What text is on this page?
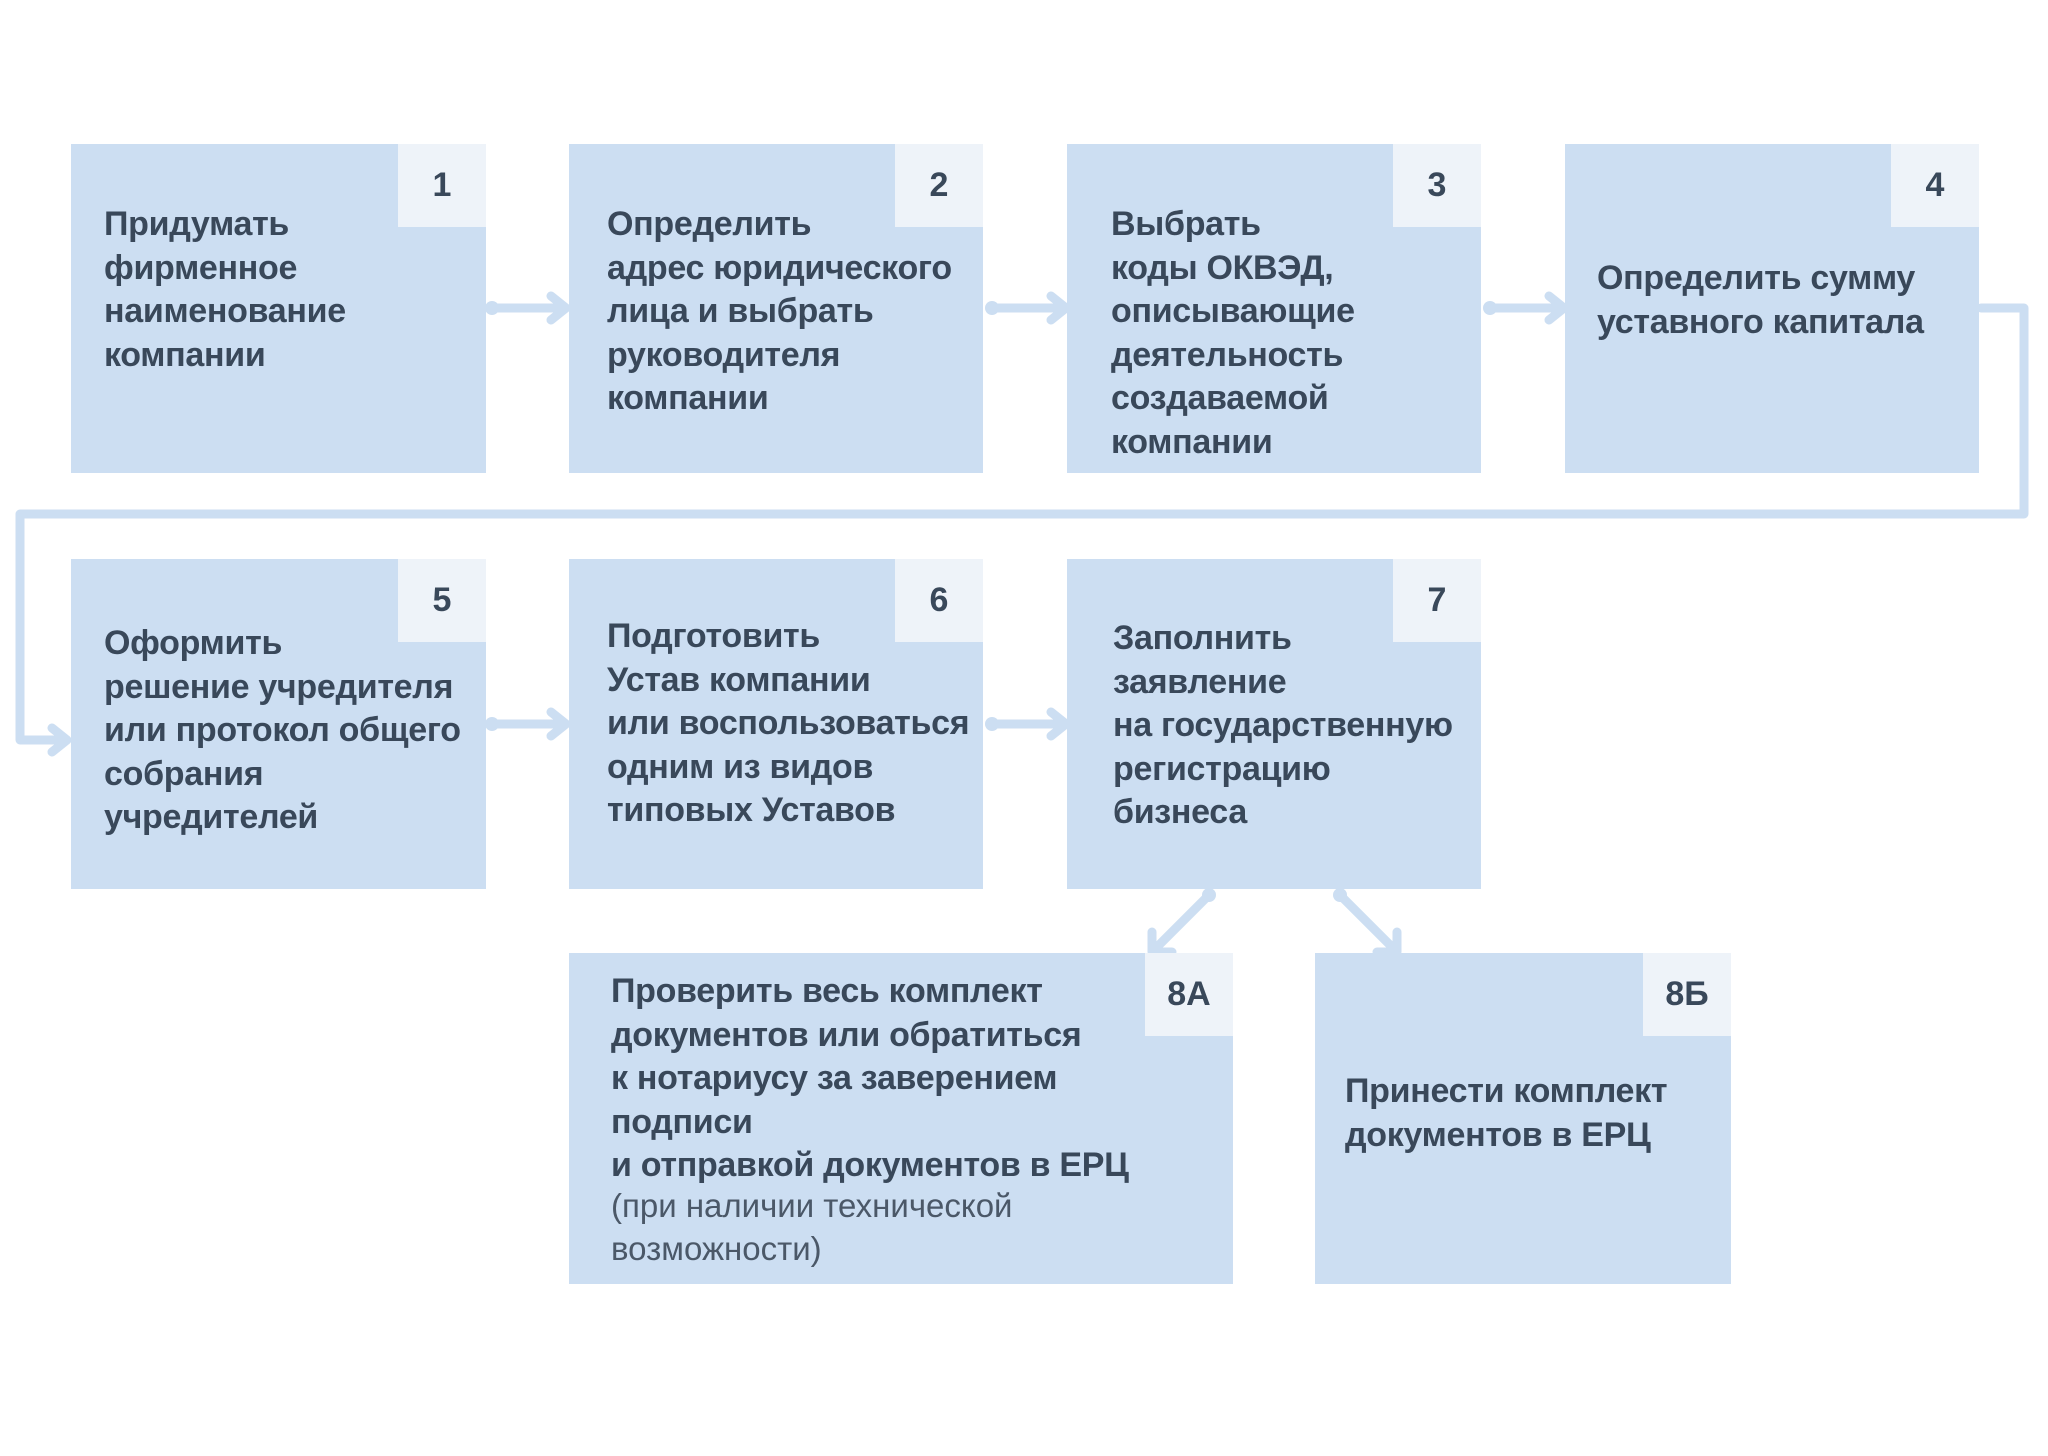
1
Придумать
фирменное
наименование
компании
2
Определить
адрес юридического
лица и выбрать
руководителя
компании
3
Выбрать
коды ОКВЭД,
описывающие
деятельность
создаваемой
компании
4
Определить сумму
уставного капитала
5
Оформить
решение учредителя
или протокол общего
собрания
учредителей
6
Подготовить
Устав компании
или воспользоваться
одним из видов
типовых Уставов
7
Заполнить
заявление
на государственную
регистрацию
бизнеса
8А
Проверить весь комплект
документов или обратиться
к нотариусу за заверением подписи
и отправкой документов в ЕРЦ
(при наличии технической
возможности)
8Б
Принести комплект
документов в ЕРЦ
